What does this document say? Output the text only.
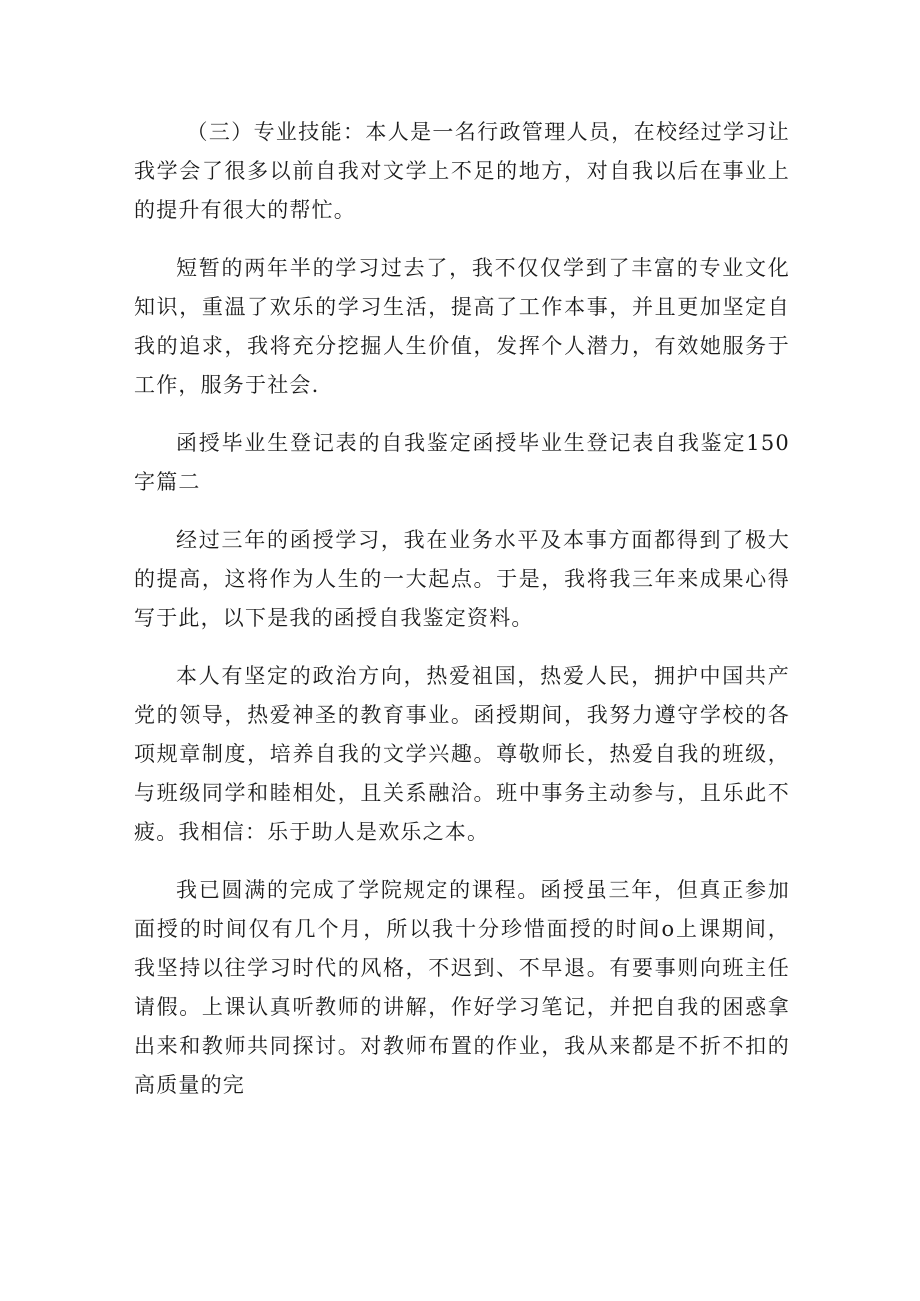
（三）专业技能：本人是一名行政管理人员，在校经过学习让我学会了很多以前自我对文学上不足的地方，对自我以后在事业上的提升有很大的帮忙。

短暂的两年半的学习过去了，我不仅仅学到了丰富的专业文化知识，重温了欢乐的学习生活，提高了工作本事，并且更加坚定自我的追求，我将充分挖掘人生价值，发挥个人潜力，有效她服务于工作，服务于社会.

函授毕业生登记表的自我鉴定函授毕业生登记表自我鉴定150字篇二

经过三年的函授学习，我在业务水平及本事方面都得到了极大的提高，这将作为人生的一大起点。于是，我将我三年来成果心得写于此，以下是我的函授自我鉴定资料。

本人有坚定的政治方向，热爱祖国，热爱人民，拥护中国共产党的领导，热爱神圣的教育事业。函授期间，我努力遵守学校的各项规章制度，培养自我的文学兴趣。尊敬师长，热爱自我的班级，与班级同学和睦相处，且关系融洽。班中事务主动参与，且乐此不疲。我相信：乐于助人是欢乐之本。

我已圆满的完成了学院规定的课程。函授虽三年，但真正参加面授的时间仅有几个月，所以我十分珍惜面授的时间o上课期间，我坚持以往学习时代的风格，不迟到、不早退。有要事则向班主任请假。上课认真听教师的讲解，作好学习笔记，并把自我的困惑拿出来和教师共同探讨。对教师布置的作业，我从来都是不折不扣的高质量的完
